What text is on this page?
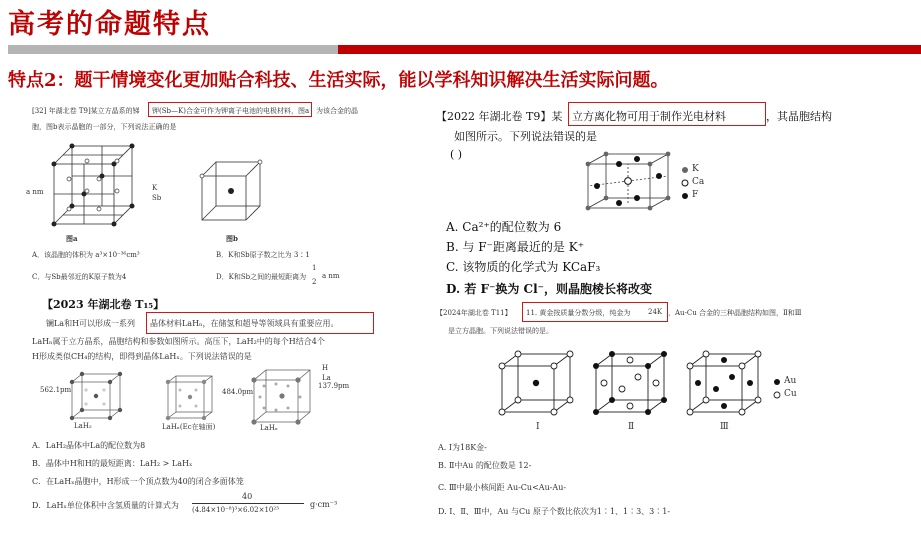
高考的命题特点
特点2：题干情境变化更加贴合科技、生活实际，能以学科知识解决生活实际问题。
[32] 年湖北卷 T9]某立方晶系的锑 钾(Sb—K)合金可作为钾离子电池的电极材料，图a 为该合金的晶
胞，图b表示晶胞的一部分，下列说法正确的是
a nm	K
Sb
图a	图b
A．该晶胞的体积为 a³×10⁻³⁶cm³	B．K和Sb原子数之比为 3∶1
C．与Sb最邻近的K原子数为4	D．K和Sb之间的最短距离为
1
2
a nm
【2023 年湖北卷 T₁₅】
镧La和H可以形成一系列 晶体材料LaHₙ，在储氢和超导等领域具有重要应用。
LaHₙ属于立方晶系，晶胞结构和参数如图所示。高压下，LaH₂中的每个H结合4个
H形成类似CH₄的结构，即得到晶体LaHₓ。下列说法错误的是
562.1pm
LaH₂	LaHₓ(Ec在轴面)
484.0pm
137.9pm
LaHₓ
H
La
A．LaH₂晶体中La的配位数为8
B．晶体中H和H的最短距离：LaH₂ > LaHₓ
C．在LaHₓ晶胞中，H形成一个顶点数为40的闭合多面体笼
D．LaHₓ单位体积中含氢质量的计算式为
40
(4.84×10⁻⁸)³×6.02×10²³
g·cm⁻³
【2022 年湖北卷 T9】某 立方离化物可用于制作光电材料	，其晶胞结构
如图所示。下列说法错误的是
( )
K
Ca
F
A. Ca²⁺的配位数为 6
B. 与 F⁻距离最近的是 K⁺
C. 该物质的化学式为 KCaF₃
D. 若 F⁻换为 Cl⁻，则晶胞棱长将改变
【2024年湖北卷 T11】 11. 黄金按质量分数分级，纯金为	24K ，Au-Cu 合金的三种晶胞结构如图，Ⅱ和Ⅲ
是立方晶胞。下列说法错误的是。
I	Ⅱ	Ⅲ
Au
Cu
A. I为18K金-
B. Ⅱ中Au 的配位数是 12-
C. Ⅲ中最小核间距 Au-Cu<Au-Au-
D. I、Ⅱ、Ⅲ中，Au 与Cu 原子个数比依次为1∶1、1∶3、3∶1-
